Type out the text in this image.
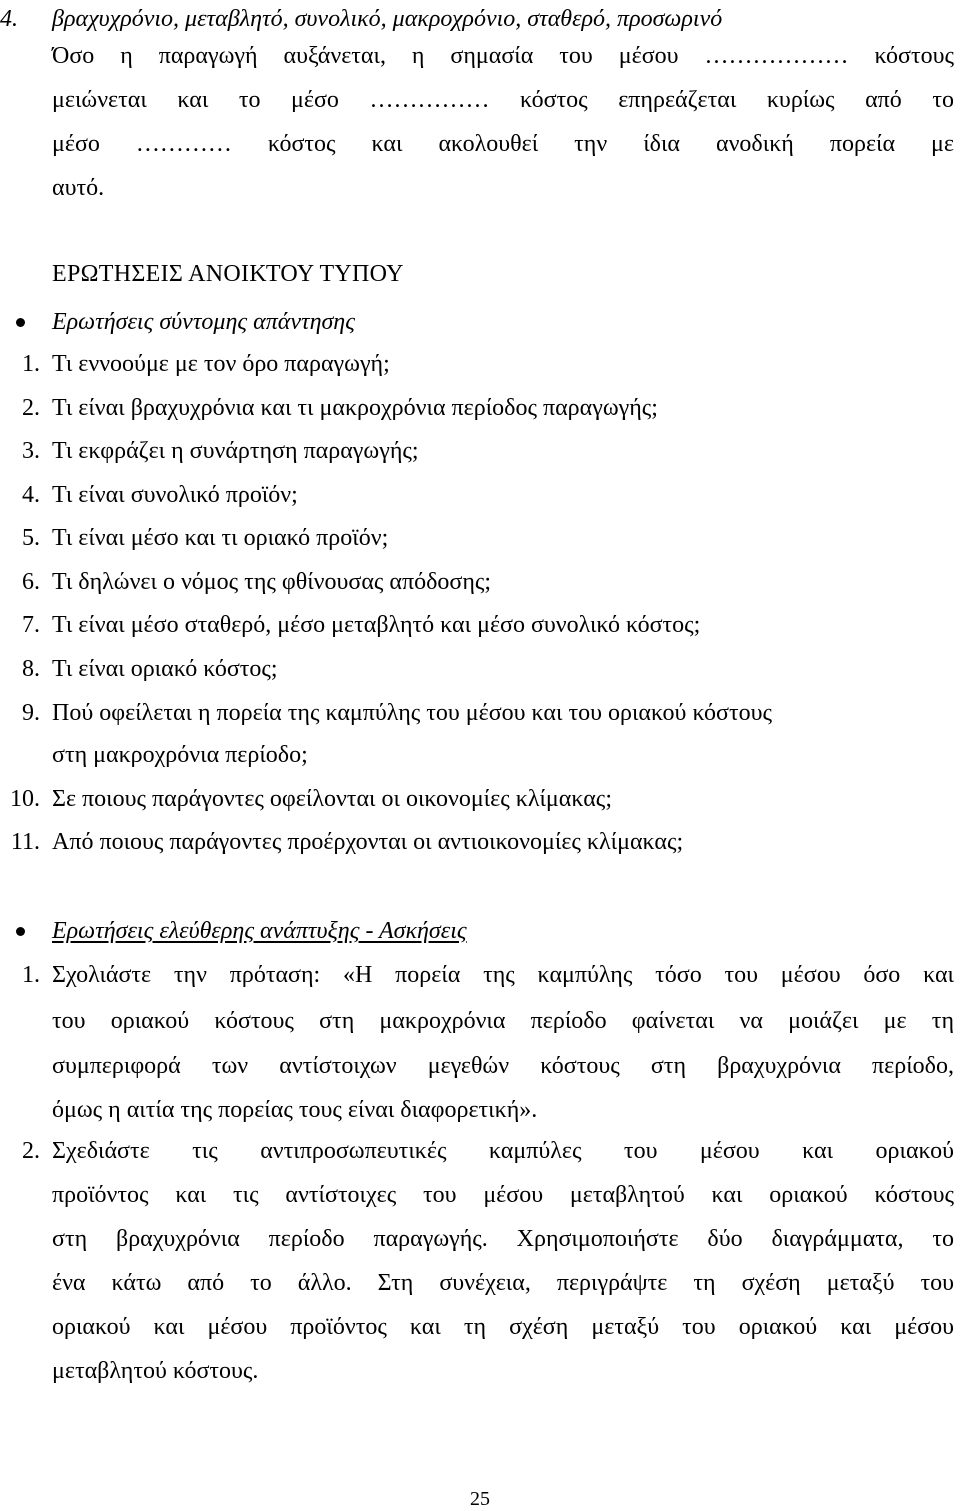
4. βραχυχρόνιο, μεταβλητό, συνολικό, μακροχρόνιο, σταθερό, προσωρινό
Όσο η παραγωγή αυξάνεται, η σημασία του μέσου ……………… κόστους
μειώνεται και το μέσο …………… κόστος επηρεάζεται κυρίως από το
μέσο ………… κόστος και ακολουθεί την ίδια ανοδική πορεία με
αυτό.
ΕΡΩΤΗΣΕΙΣ ΑΝΟΙΚΤΟΥ ΤΥΠΟΥ
Ερωτήσεις σύντομης απάντησης
1. Τι εννοούμε με τον όρο παραγωγή;
2. Τι είναι βραχυχρόνια και τι μακροχρόνια περίοδος παραγωγής;
3. Τι εκφράζει η συνάρτηση παραγωγής;
4. Τι είναι συνολικό προϊόν;
5. Τι είναι μέσο και τι οριακό προϊόν;
6. Τι δηλώνει ο νόμος της φθίνουσας απόδοσης;
7. Τι είναι μέσο σταθερό, μέσο μεταβλητό και μέσο συνολικό κόστος;
8. Τι είναι οριακό κόστος;
9. Πού οφείλεται η πορεία της καμπύλης του μέσου και του οριακού κόστους
στη μακροχρόνια περίοδο;
10. Σε ποιους παράγοντες οφείλονται οι οικονομίες κλίμακας;
11. Από ποιους παράγοντες προέρχονται οι αντιοικονομίες κλίμακας;
Ερωτήσεις ελεύθερης ανάπτυξης - Ασκήσεις
1. Σχολιάστε την πρόταση: «Η πορεία της καμπύλης τόσο του μέσου όσο και
του οριακού κόστους στη μακροχρόνια περίοδο φαίνεται να μοιάζει με τη
συμπεριφορά των αντίστοιχων μεγεθών κόστους στη βραχυχρόνια περίοδο,
όμως η αιτία της πορείας τους είναι διαφορετική».
2. Σχεδιάστε τις αντιπροσωπευτικές καμπύλες του μέσου και οριακού
προϊόντος και τις αντίστοιχες του μέσου μεταβλητού και οριακού κόστους
στη βραχυχρόνια περίοδο παραγωγής. Χρησιμοποιήστε δύο διαγράμματα, το
ένα κάτω από το άλλο. Στη συνέχεια, περιγράψτε τη σχέση μεταξύ του
οριακού και μέσου προϊόντος και τη σχέση μεταξύ του οριακού και μέσου
μεταβλητού κόστους.
25
